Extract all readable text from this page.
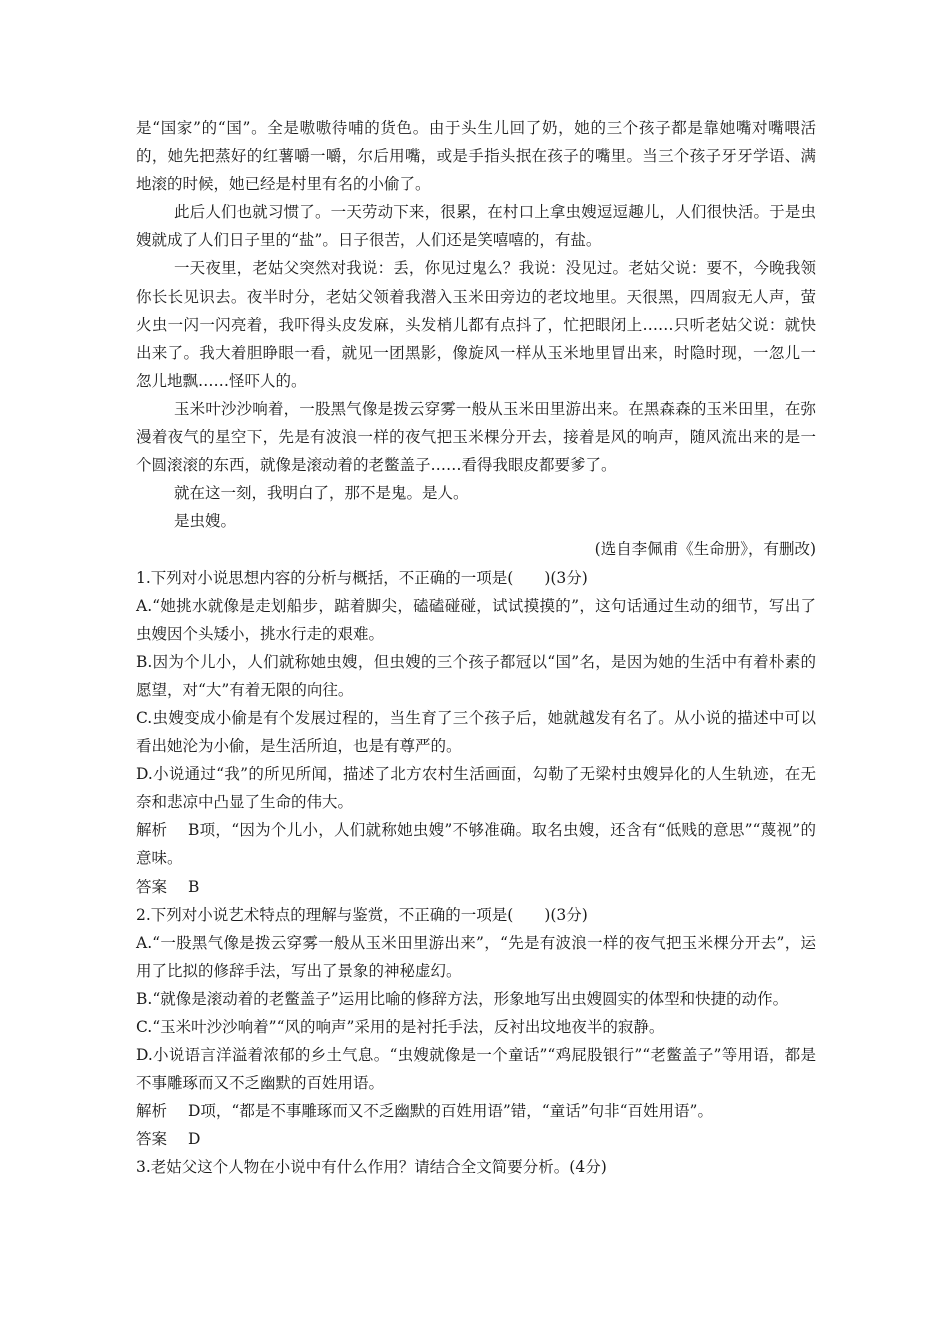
是“国家”的“国”。全是嗷嗷待哺的货色。由于头生儿回了奶，她的三个孩子都是靠她嘴对嘴喂活的，她先把蒸好的红薯嚼一嚼，尔后用嘴，或是手指头抿在孩子的嘴里。当三个孩子牙牙学语、满地滚的时候，她已经是村里有名的小偷了。

此后人们也就习惯了。一天劳动下来，很累，在村口上拿虫嫂逗逗趣儿，人们很快活。于是虫嫂就成了人们日子里的“盐”。日子很苦，人们还是笑嘻嘻的，有盐。

一天夜里，老姑父突然对我说：丢，你见过鬼么？我说：没见过。老姑父说：要不，今晚我领你长长见识去。夜半时分，老姑父领着我潜入玉米田旁边的老坟地里。天很黑，四周寂无人声，萤火虫一闪一闪亮着，我吓得头皮发麻，头发梢儿都有点抖了，忙把眼闭上……只听老姑父说：就快出来了。我大着胆睁眼一看，就见一团黑影，像旋风一样从玉米地里冒出来，时隐时现，一忽儿一忽儿地飘……怪吓人的。

玉米叶沙沙响着，一股黑气像是拨云穿雾一般从玉米田里游出来。在黑森森的玉米田里，在弥漫着夜气的星空下，先是有波浪一样的夜气把玉米棵分开去，接着是风的响声，随风流出来的是一个圆滚滚的东西，就像是滚动着的老鳖盖子……看得我眼皮都要爹了。

就在这一刻，我明白了，那不是鬼。是人。

是虫嫂。

(选自李佩甫《生命册》，有删改)

1.下列对小说思想内容的分析与概括，不正确的一项是(　　)(3分)

A.“她挑水就像是走划船步，踮着脚尖，磕磕碰碰，试试摸摸的”，这句话通过生动的细节，写出了虫嫂因个头矮小，挑水行走的艰难。

B.因为个儿小，人们就称她虫嫂，但虫嫂的三个孩子都冠以“国”名，是因为她的生活中有着朴素的愿望，对“大”有着无限的向往。

C.虫嫂变成小偷是有个发展过程的，当生育了三个孩子后，她就越发有名了。从小说的描述中可以看出她沦为小偷，是生活所迫，也是有尊严的。

D.小说通过“我”的所见所闻，描述了北方农村生活画面，勾勒了无梁村虫嫂异化的人生轨迹，在无奈和悲凉中凸显了生命的伟大。

解析 B项，“因为个儿小，人们就称她虫嫂”不够准确。取名虫嫂，还含有“低贱的意思”“蔑视”的意味。

答案 B

2.下列对小说艺术特点的理解与鉴赏，不正确的一项是(　　)(3分)

A.“一股黑气像是拨云穿雾一般从玉米田里游出来”，“先是有波浪一样的夜气把玉米棵分开去”，运用了比拟的修辞手法，写出了景象的神秘虚幻。

B.“就像是滚动着的老鳖盖子”运用比喻的修辞方法，形象地写出虫嫂圆实的体型和快捷的动作。

C.“玉米叶沙沙响着”“风的响声”采用的是衬托手法，反衬出坟地夜半的寂静。

D.小说语言洋溢着浓郁的乡土气息。“虫嫂就像是一个童话”“鸡屁股银行”“老鳖盖子”等用语，都是不事雕琢而又不乏幽默的百姓用语。

解析 D项，“都是不事雕琢而又不乏幽默的百姓用语”错，“童话”句非“百姓用语”。

答案 D

3.老姑父这个人物在小说中有什么作用？请结合全文简要分析。(4分)
